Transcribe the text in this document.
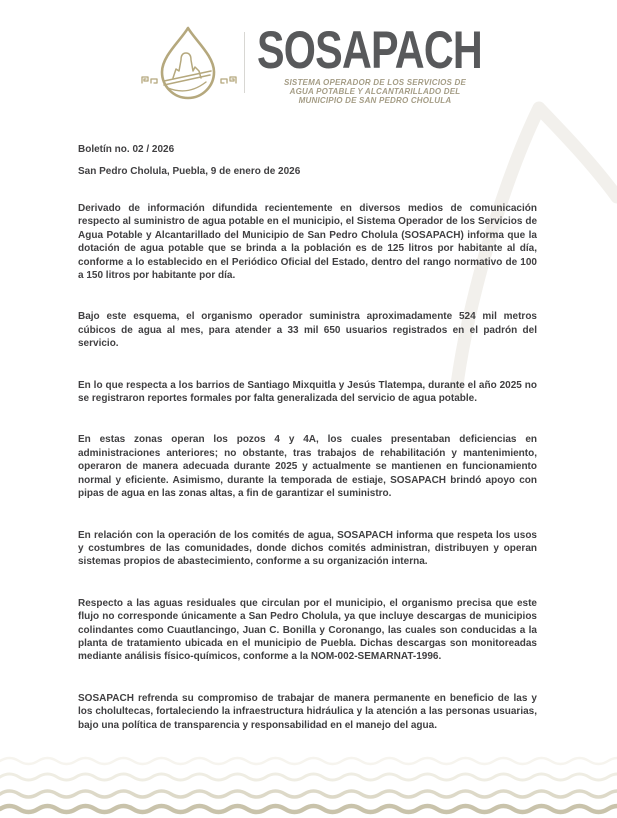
SOSAPACH
SISTEMA OPERADOR DE LOS SERVICIOS DE
AGUA POTABLE Y ALCANTARILLADO DEL
MUNICIPIO DE SAN PEDRO CHOLULA

Boletín no. 02 / 2026

San Pedro Cholula, Puebla, 9 de enero de 2026

Derivado de información difundida recientemente en diversos medios de comunicación respecto al suministro de agua potable en el municipio, el Sistema Operador de los Servicios de Agua Potable y Alcantarillado del Municipio de San Pedro Cholula (SOSAPACH) informa que la dotación de agua potable que se brinda a la población es de 125 litros por habitante al día, conforme a lo establecido en el Periódico Oficial del Estado, dentro del rango normativo de 100 a 150 litros por habitante por día.

Bajo este esquema, el organismo operador suministra aproximadamente 524 mil metros cúbicos de agua al mes, para atender a 33 mil 650 usuarios registrados en el padrón del servicio.

En lo que respecta a los barrios de Santiago Mixquitla y Jesús Tlatempa, durante el año 2025 no se registraron reportes formales por falta generalizada del servicio de agua potable.

En estas zonas operan los pozos 4 y 4A, los cuales presentaban deficiencias en administraciones anteriores; no obstante, tras trabajos de rehabilitación y mantenimiento, operaron de manera adecuada durante 2025 y actualmente se mantienen en funcionamiento normal y eficiente. Asimismo, durante la temporada de estiaje, SOSAPACH brindó apoyo con pipas de agua en las zonas altas, a fin de garantizar el suministro.

En relación con la operación de los comités de agua, SOSAPACH informa que respeta los usos y costumbres de las comunidades, donde dichos comités administran, distribuyen y operan sistemas propios de abastecimiento, conforme a su organización interna.

Respecto a las aguas residuales que circulan por el municipio, el organismo precisa que este flujo no corresponde únicamente a San Pedro Cholula, ya que incluye descargas de municipios colindantes como Cuautlancingo, Juan C. Bonilla y Coronango, las cuales son conducidas a la planta de tratamiento ubicada en el municipio de Puebla. Dichas descargas son monitoreadas mediante análisis físico-químicos, conforme a la NOM-002-SEMARNAT-1996.

SOSAPACH refrenda su compromiso de trabajar de manera permanente en beneficio de las y los cholultecas, fortaleciendo la infraestructura hidráulica y la atención a las personas usuarias, bajo una política de transparencia y responsabilidad en el manejo del agua.
